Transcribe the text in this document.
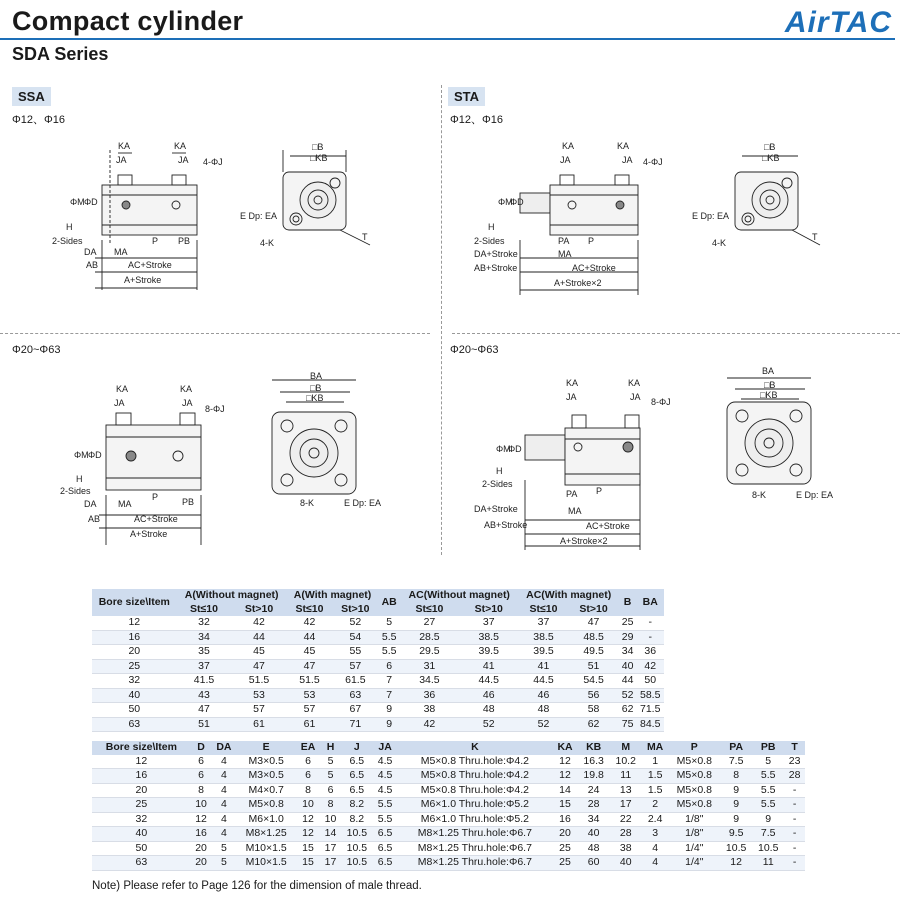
Compact cylinder
SDA Series
AirTAC
SSA	STA
Φ12、Φ16	Φ12、Φ16
Φ20~Φ63	Φ20~Φ63
KA	KA
JA	JA 4-ΦJ
ΦM ΦD
H
2-Sides
DA MA
AB
P PB
AC+Stroke
A+Stroke
□B
□KB
E Dp: EA
4-K
T
KA	KA
JA	JA 4-ΦJ
ΦM
ΦD
H
2-Sides	PA P
DA+Stroke	MA
AB+Stroke	AC+Stroke
A+Stroke×2
□B
□KB
E Dp: EA
4-K
T
KA	KA
JA	JA
8-ΦJ
ΦM ΦD
H
2-Sides
DA MA
P	PB
AB	AC+Stroke
A+Stroke
BA
□B
□KB
8-K	E Dp: EA
KA	KA
JA	JA 8-ΦJ
ΦM
ΦD
H
2-Sides
PA P
DA+Stroke	MA
AB+Stroke	AC+Stroke
A+Stroke×2
BA
□B
□KB
8-K	E Dp: EA
Bore size\Item	A(Without magnet)		A(With magnet)		AB	AC(Without magnet)		AC(With magnet)		B	BA
	St≤10	St>10	St≤10	St>10		St≤10	St>10	St≤10	St>10		
12	32	42	42	52	5	27	37	37	47	25	-
16	34	44	44	54	5.5	28.5	38.5	38.5	48.5	29	-
20	35	45	45	55	5.5	29.5	39.5	39.5	49.5	34	36
25	37	47	47	57	6	31	41	41	51	40	42
32	41.5	51.5	51.5	61.5	7	34.5	44.5	44.5	54.5	44	50
40	43	53	53	63	7	36	46	46	56	52	58.5
50	47	57	57	67	9	38	48	48	58	62	71.5
63	51	61	61	71	9	42	52	52	62	75	84.5
Bore size\Item	D	DA	E	EA	H	J	JA	K	KA	KB	M	MA	P	PA	PB	T
12	6	4	M3×0.5	6	5	6.5	4.5	M5×0.8 Thru.hole:Φ4.2	12	16.3	10.2	1	M5×0.8	7.5	5	23
16	6	4	M3×0.5	6	5	6.5	4.5	M5×0.8 Thru.hole:Φ4.2	12	19.8	11	1.5	M5×0.8	8	5.5	28
20	8	4	M4×0.7	8	6	6.5	4.5	M5×0.8 Thru.hole:Φ4.2	14	24	13	1.5	M5×0.8	9	5.5	-
25	10	4	M5×0.8	10	8	8.2	5.5	M6×1.0 Thru.hole:Φ5.2	15	28	17	2	M5×0.8	9	5.5	-
32	12	4	M6×1.0	12	10	8.2	5.5	M6×1.0 Thru.hole:Φ5.2	16	34	22	2.4	1/8"	9	9	-
40	16	4	M8×1.25	12	14	10.5	6.5	M8×1.25 Thru.hole:Φ6.7	20	40	28	3	1/8"	9.5	7.5	-
50	20	5	M10×1.5	15	17	10.5	6.5	M8×1.25 Thru.hole:Φ6.7	25	48	38	4	1/4"	10.5	10.5	-
63	20	5	M10×1.5	15	17	10.5	6.5	M8×1.25 Thru.hole:Φ6.7	25	60	40	4	1/4"	12	11	-
Note) Please refer to Page 126 for the dimension of male thread.
